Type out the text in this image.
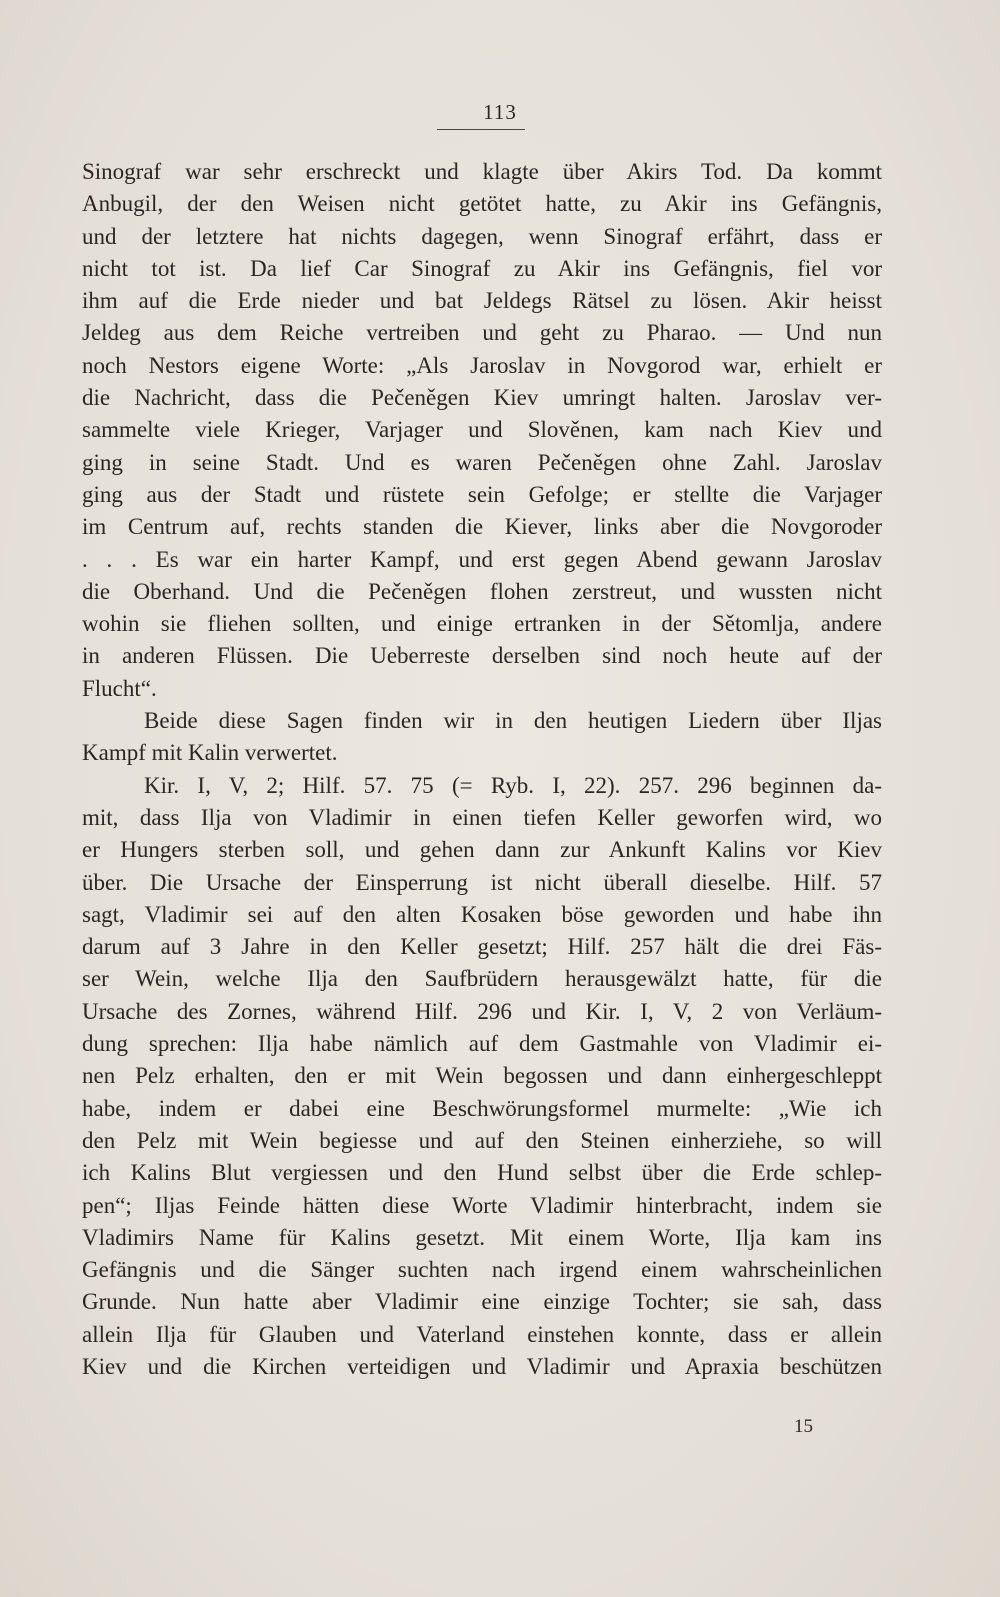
113
Sinograf war sehr erschreckt und klagte über Akirs Tod. Da kommt
Anbugil, der den Weisen nicht getötet hatte, zu Akir ins Gefängnis,
und der letztere hat nichts dagegen, wenn Sinograf erfährt, dass er
nicht tot ist. Da lief Car Sinograf zu Akir ins Gefängnis, fiel vor
ihm auf die Erde nieder und bat Jeldegs Rätsel zu lösen. Akir heisst
Jeldeg aus dem Reiche vertreiben und geht zu Pharao. — Und nun
noch Nestors eigene Worte: „Als Jaroslav in Novgorod war, erhielt er
die Nachricht, dass die Pečeněgen Kiev umringt halten. Jaroslav ver-
sammelte viele Krieger, Varjager und Slověnen, kam nach Kiev und
ging in seine Stadt. Und es waren Pečeněgen ohne Zahl. Jaroslav
ging aus der Stadt und rüstete sein Gefolge; er stellte die Varjager
im Centrum auf, rechts standen die Kiever, links aber die Novgoroder
. . . Es war ein harter Kampf, und erst gegen Abend gewann Jaroslav
die Oberhand. Und die Pečeněgen flohen zerstreut, und wussten nicht
wohin sie fliehen sollten, und einige ertranken in der Sětomlja, andere
in anderen Flüssen. Die Ueberreste derselben sind noch heute auf der
Flucht“.
Beide diese Sagen finden wir in den heutigen Liedern über Iljas
Kampf mit Kalin verwertet.
Kir. I, V, 2; Hilf. 57. 75 (= Ryb. I, 22). 257. 296 beginnen da-
mit, dass Ilja von Vladimir in einen tiefen Keller geworfen wird, wo
er Hungers sterben soll, und gehen dann zur Ankunft Kalins vor Kiev
über. Die Ursache der Einsperrung ist nicht überall dieselbe. Hilf. 57
sagt, Vladimir sei auf den alten Kosaken böse geworden und habe ihn
darum auf 3 Jahre in den Keller gesetzt; Hilf. 257 hält die drei Fäs-
ser Wein, welche Ilja den Saufbrüdern herausgewälzt hatte, für die
Ursache des Zornes, während Hilf. 296 und Kir. I, V, 2 von Verläum-
dung sprechen: Ilja habe nämlich auf dem Gastmahle von Vladimir ei-
nen Pelz erhalten, den er mit Wein begossen und dann einhergeschleppt
habe, indem er dabei eine Beschwörungsformel murmelte: „Wie ich
den Pelz mit Wein begiesse und auf den Steinen einherziehe, so will
ich Kalins Blut vergiessen und den Hund selbst über die Erde schlep-
pen“; Iljas Feinde hätten diese Worte Vladimir hinterbracht, indem sie
Vladimirs Name für Kalins gesetzt. Mit einem Worte, Ilja kam ins
Gefängnis und die Sänger suchten nach irgend einem wahrscheinlichen
Grunde. Nun hatte aber Vladimir eine einzige Tochter; sie sah, dass
allein Ilja für Glauben und Vaterland einstehen konnte, dass er allein
Kiev und die Kirchen verteidigen und Vladimir und Apraxia beschützen
15
